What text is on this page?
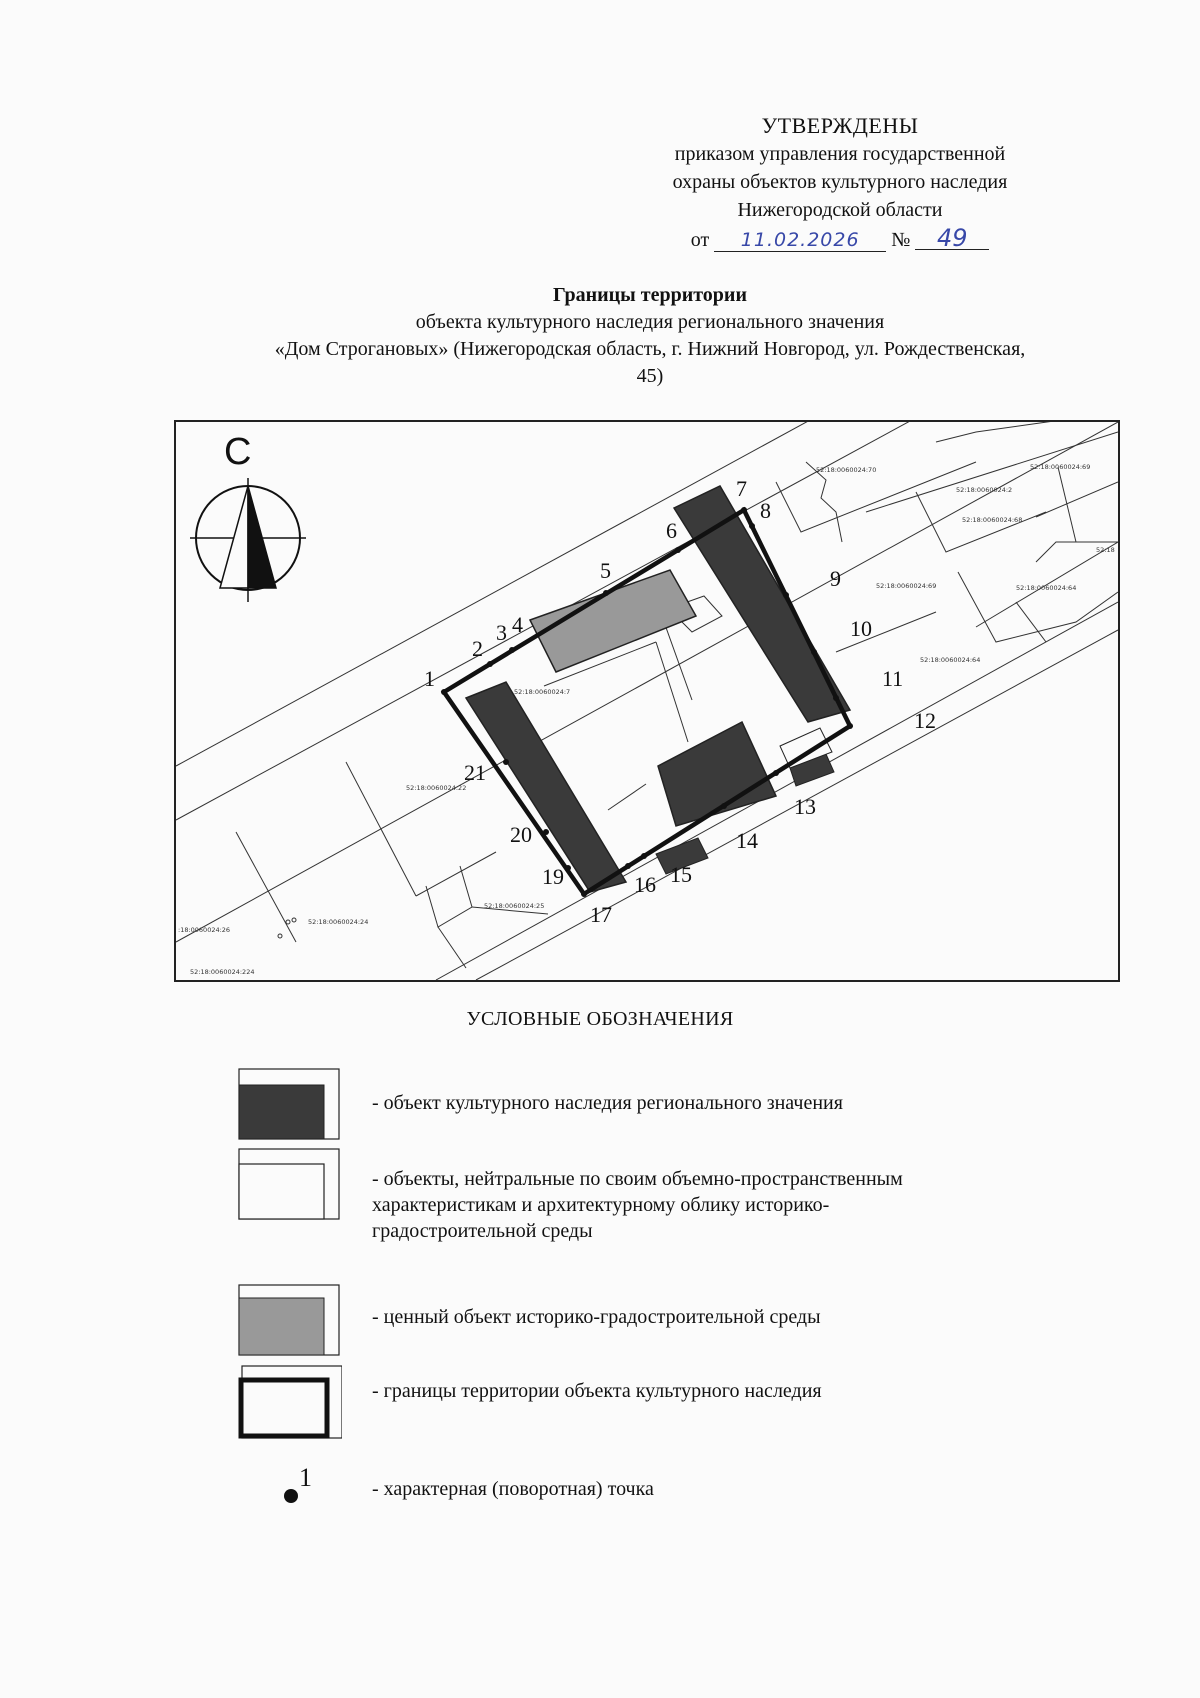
УТВЕРЖДЕНЫ
приказом управления государственной
охраны объектов культурного наследия
Нижегородской области
от 11.02.2026 № 49
Границы территории
объекта культурного наследия регионального значения
«Дом Строгановых» (Нижегородская область, г. Нижний Новгород, ул. Рождественская,
45)
1
2
3 4
5
6
7
8
9
10
11
12
13
14
15
16
17
19
20
21
52:18:0060024:70	52:18:0060024:69
52:18:0060024:2
52:18:0060024:68
52:18
52:18:0060024:69	52:18:0060024:64
52:18:0060024:64
52:18:0060024:7
52:18:0060024:22
52:18:0060024:25
52:18:0060024:24
:18:0060024:26
52:18:0060024:224
С
УСЛОВНЫЕ ОБОЗНАЧЕНИЯ
- объект культурного наследия регионального значения
- объекты, нейтральные по своим объемно-пространственным
характеристикам и архитектурному облику историко-
градостроительной среды
- ценный объект историко-градостроительной среды
- границы территории объекта культурного наследия
1	- характерная (поворотная) точка
